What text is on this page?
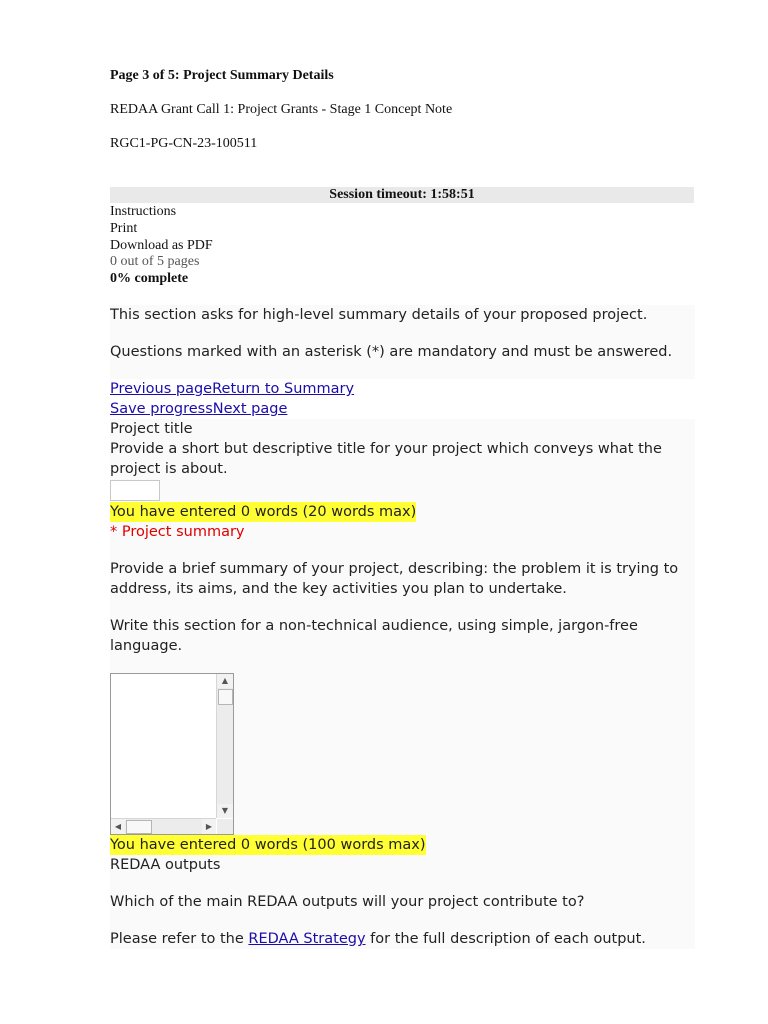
Page 3 of 5: Project Summary Details
REDAA Grant Call 1: Project Grants - Stage 1 Concept Note
RGC1-PG-CN-23-100511
Session timeout: 1:58:51
Instructions
Print
Download as PDF
0 out of 5 pages
0% complete

This section asks for high-level summary details of your proposed project.

Questions marked with an asterisk (*) are mandatory and must be answered.

Previous pageReturn to Summary
Save progressNext page

Project title

Provide a short but descriptive title for your project which conveys what the project is about.

You have entered 0 words (20 words max)

* Project summary

Provide a brief summary of your project, describing: the problem it is trying to address, its aims, and the key activities you plan to undertake.

Write this section for a non-technical audience, using simple, jargon-free language.

▲
▼
◀	▶
You have entered 0 words (100 words max)

REDAA outputs

Which of the main REDAA outputs will your project contribute to?

Please refer to the REDAA Strategy for the full description of each output.
